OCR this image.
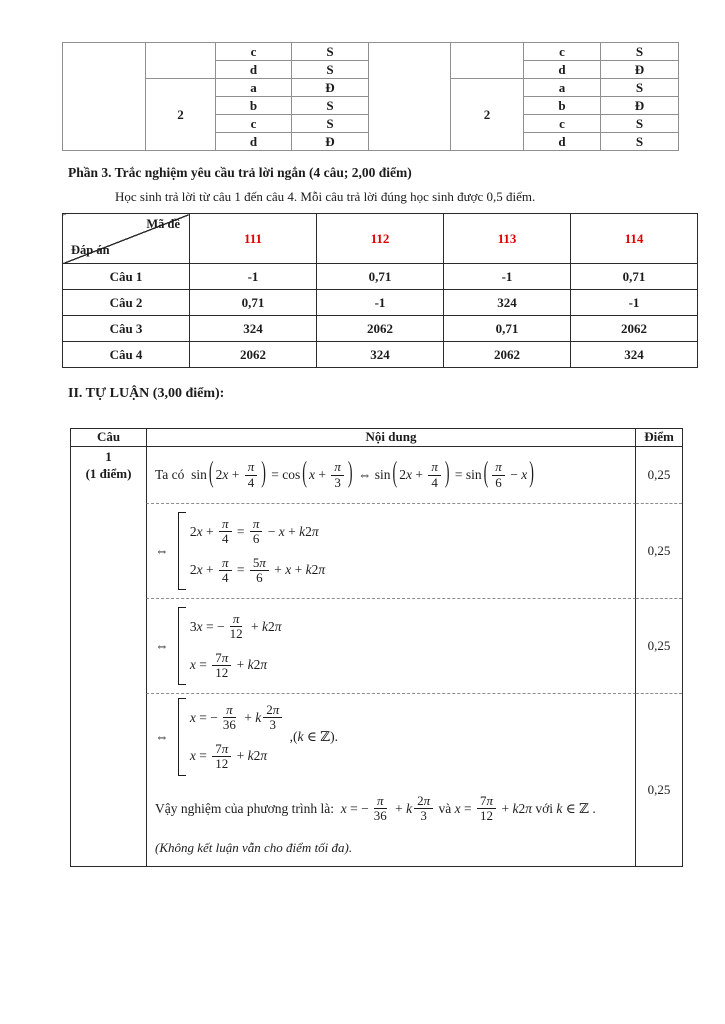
		c	S			c	S
		d	S			d	Đ
	2	a	Đ		2	a	S
		b	S			b	Đ
		c	S			c	S
		d	Đ			d	S
Phần 3. Trắc nghiệm yêu cầu trả lời ngắn (4 câu; 2,00 điểm)
Học sinh trả lời từ câu 1 đến câu 4. Mỗi câu trả lời đúng học sinh được 0,5 điểm.
Mã đề
Đáp án	111	112	113	114
Câu 1	-1	0,71	-1	0,71
Câu 2	0,71	-1	324	-1
Câu 3	324	2062	0,71	2062
Câu 4	2062	324	2062	324
II. TỰ LUẬN (3,00 điểm):
Câu	Nội dung	Điểm
1
(1 điểm)	Ta có  sin ( $2x + \frac{\pi}{4}$ ) = cos ( $x + \frac{\pi}{3}$ ) ⇔ sin ( $2x + \frac{\pi}{4}$ ) = sin ( $\frac{\pi}{6} - x$ )	0,25
⇔
$2x + \frac{\pi}{4} = \frac{\pi}{6} - x + k2\pi$
$2x + \frac{\pi}{4} = \frac{5\pi}{6} + x + k2\pi$
0,25
⇔
3x = − $\frac{\pi}{12} + k2\pi$
$x = \frac{7\pi}{12} + k2\pi$
0,25
⇔
x = − $\frac{\pi}{36} + k \frac{2\pi}{3}$
$x = \frac{7\pi}{12} + k2\pi$
,(k ∈ ℤ).
Vậy nghiệm của phương trình là: x = − $\frac{\pi}{36} + k \frac{2\pi}{3}$ và $x = \frac{7\pi}{12} + k2\pi$ với k ∈ ℤ .
(Không kết luận vẫn cho điểm tối đa).
0,25
